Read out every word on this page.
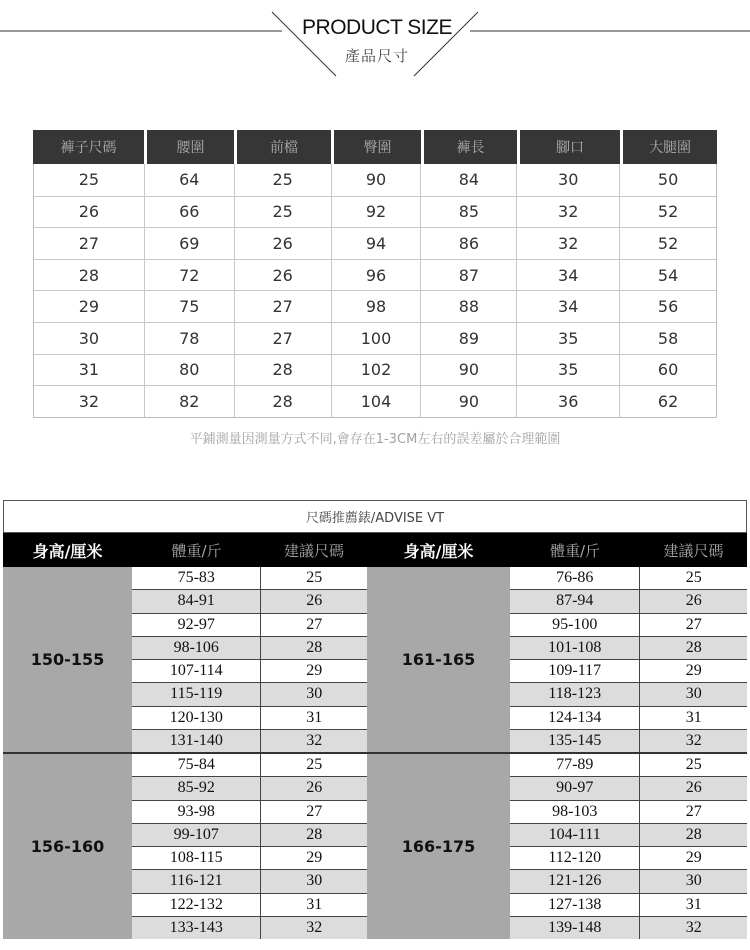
PRODUCT SIZE
產品尺寸
褲子尺碼	腰圍	前檔	臀圍	褲長	腳口	大腿圍
25	64	25	90	84	30	50
26	66	25	92	85	32	52
27	69	26	94	86	32	52
28	72	26	96	87	34	54
29	75	27	98	88	34	56
30	78	27	100	89	35	58
31	80	28	102	90	35	60
32	82	28	104	90	36	62
平鋪測量因測量方式不同,會存在1-3CM左右的誤差屬於合理範圍
尺碼推薦錶/ADVISE VT
身高/厘米	體重/斤	建議尺碼	身高/厘米	體重/斤	建議尺碼
150-155
75-83	25
84-91	26
92-97	27
98-106	28
107-114	29
115-119	30
120-130	31
131-140	32
161-165
76-86	25
87-94	26
95-100	27
101-108	28
109-117	29
118-123	30
124-134	31
135-145	32
156-160
75-84	25
85-92	26
93-98	27
99-107	28
108-115	29
116-121	30
122-132	31
133-143	32
166-175
77-89	25
90-97	26
98-103	27
104-111	28
112-120	29
121-126	30
127-138	31
139-148	32
